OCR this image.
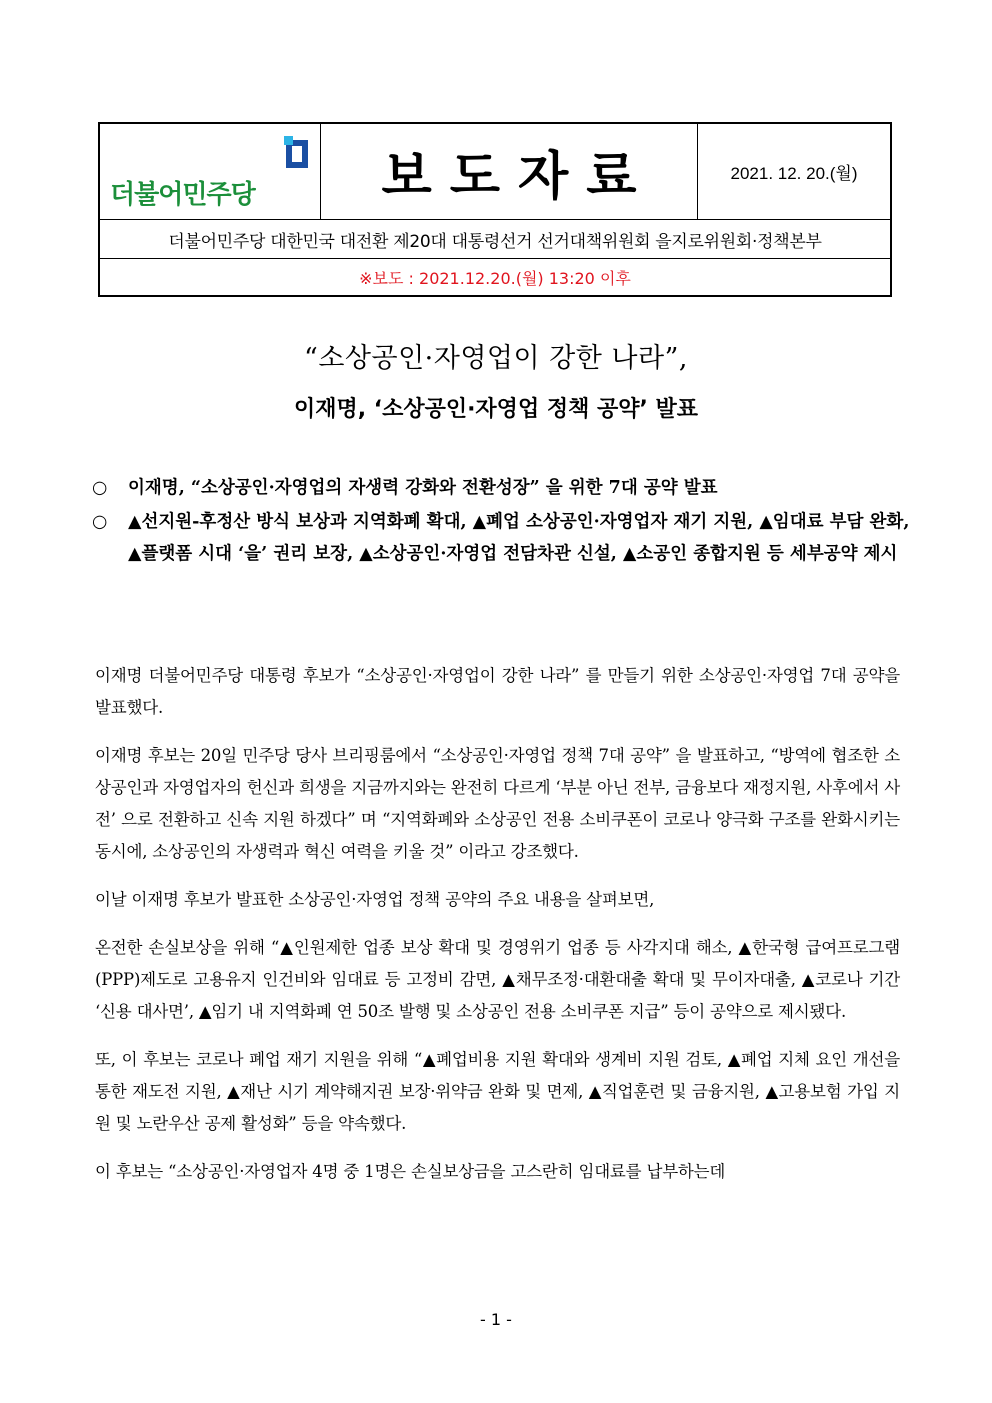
더불어민주당	보도자료	2021. 12. 20.(월)
더불어민주당 대한민국 대전환 제20대 대통령선거 선거대책위원회 을지로위원회·정책본부
※보도 : 2021.12.20.(월) 13:20 이후
“소상공인·자영업이 강한 나라”,
이재명, ‘소상공인·자영업 정책 공약’ 발표
○ 이재명, “소상공인·자영업의 자생력 강화와 전환성장” 을 위한 7대 공약 발표
○ ▲선지원-후정산 방식 보상과 지역화폐 확대, ▲폐업 소상공인·자영업자 재기 지원, ▲임대료 부담 완화, ▲플랫폼 시대 ‘을’ 권리 보장, ▲소상공인·자영업 전담차관 신설, ▲소공인 종합지원 등 세부공약 제시

이재명 더불어민주당 대통령 후보가 “소상공인·자영업이 강한 나라” 를 만들기 위한 소상공인·자영업 7대 공약을 발표했다.

이재명 후보는 20일 민주당 당사 브리핑룸에서 “소상공인·자영업 정책 7대 공약” 을 발표하고, “방역에 협조한 소상공인과 자영업자의 헌신과 희생을 지금까지와는 완전히 다르게 ‘부분 아닌 전부, 금융보다 재정지원, 사후에서 사전’ 으로 전환하고 신속 지원 하겠다” 며 “지역화폐와 소상공인 전용 소비쿠폰이 코로나 양극화 구조를 완화시키는 동시에, 소상공인의 자생력과 혁신 여력을 키울 것” 이라고 강조했다.

이날 이재명 후보가 발표한 소상공인·자영업 정책 공약의 주요 내용을 살펴보면,

온전한 손실보상을 위해 “▲인원제한 업종 보상 확대 및 경영위기 업종 등 사각지대 해소, ▲한국형 급여프로그램(PPP)제도로 고용유지 인건비와 임대료 등 고정비 감면, ▲채무조정·대환대출 확대 및 무이자대출, ▲코로나 기간 ‘신용 대사면’, ▲임기 내 지역화폐 연 50조 발행 및 소상공인 전용 소비쿠폰 지급” 등이 공약으로 제시됐다.

또, 이 후보는 코로나 폐업 재기 지원을 위해 “▲폐업비용 지원 확대와 생계비 지원 검토, ▲폐업 지체 요인 개선을 통한 재도전 지원, ▲재난 시기 계약해지권 보장·위약금 완화 및 면제, ▲직업훈련 및 금융지원, ▲고용보험 가입 지원 및 노란우산 공제 활성화” 등을 약속했다.

이 후보는 “소상공인·자영업자 4명 중 1명은 손실보상금을 고스란히 임대료를 납부하는데

- 1 -
